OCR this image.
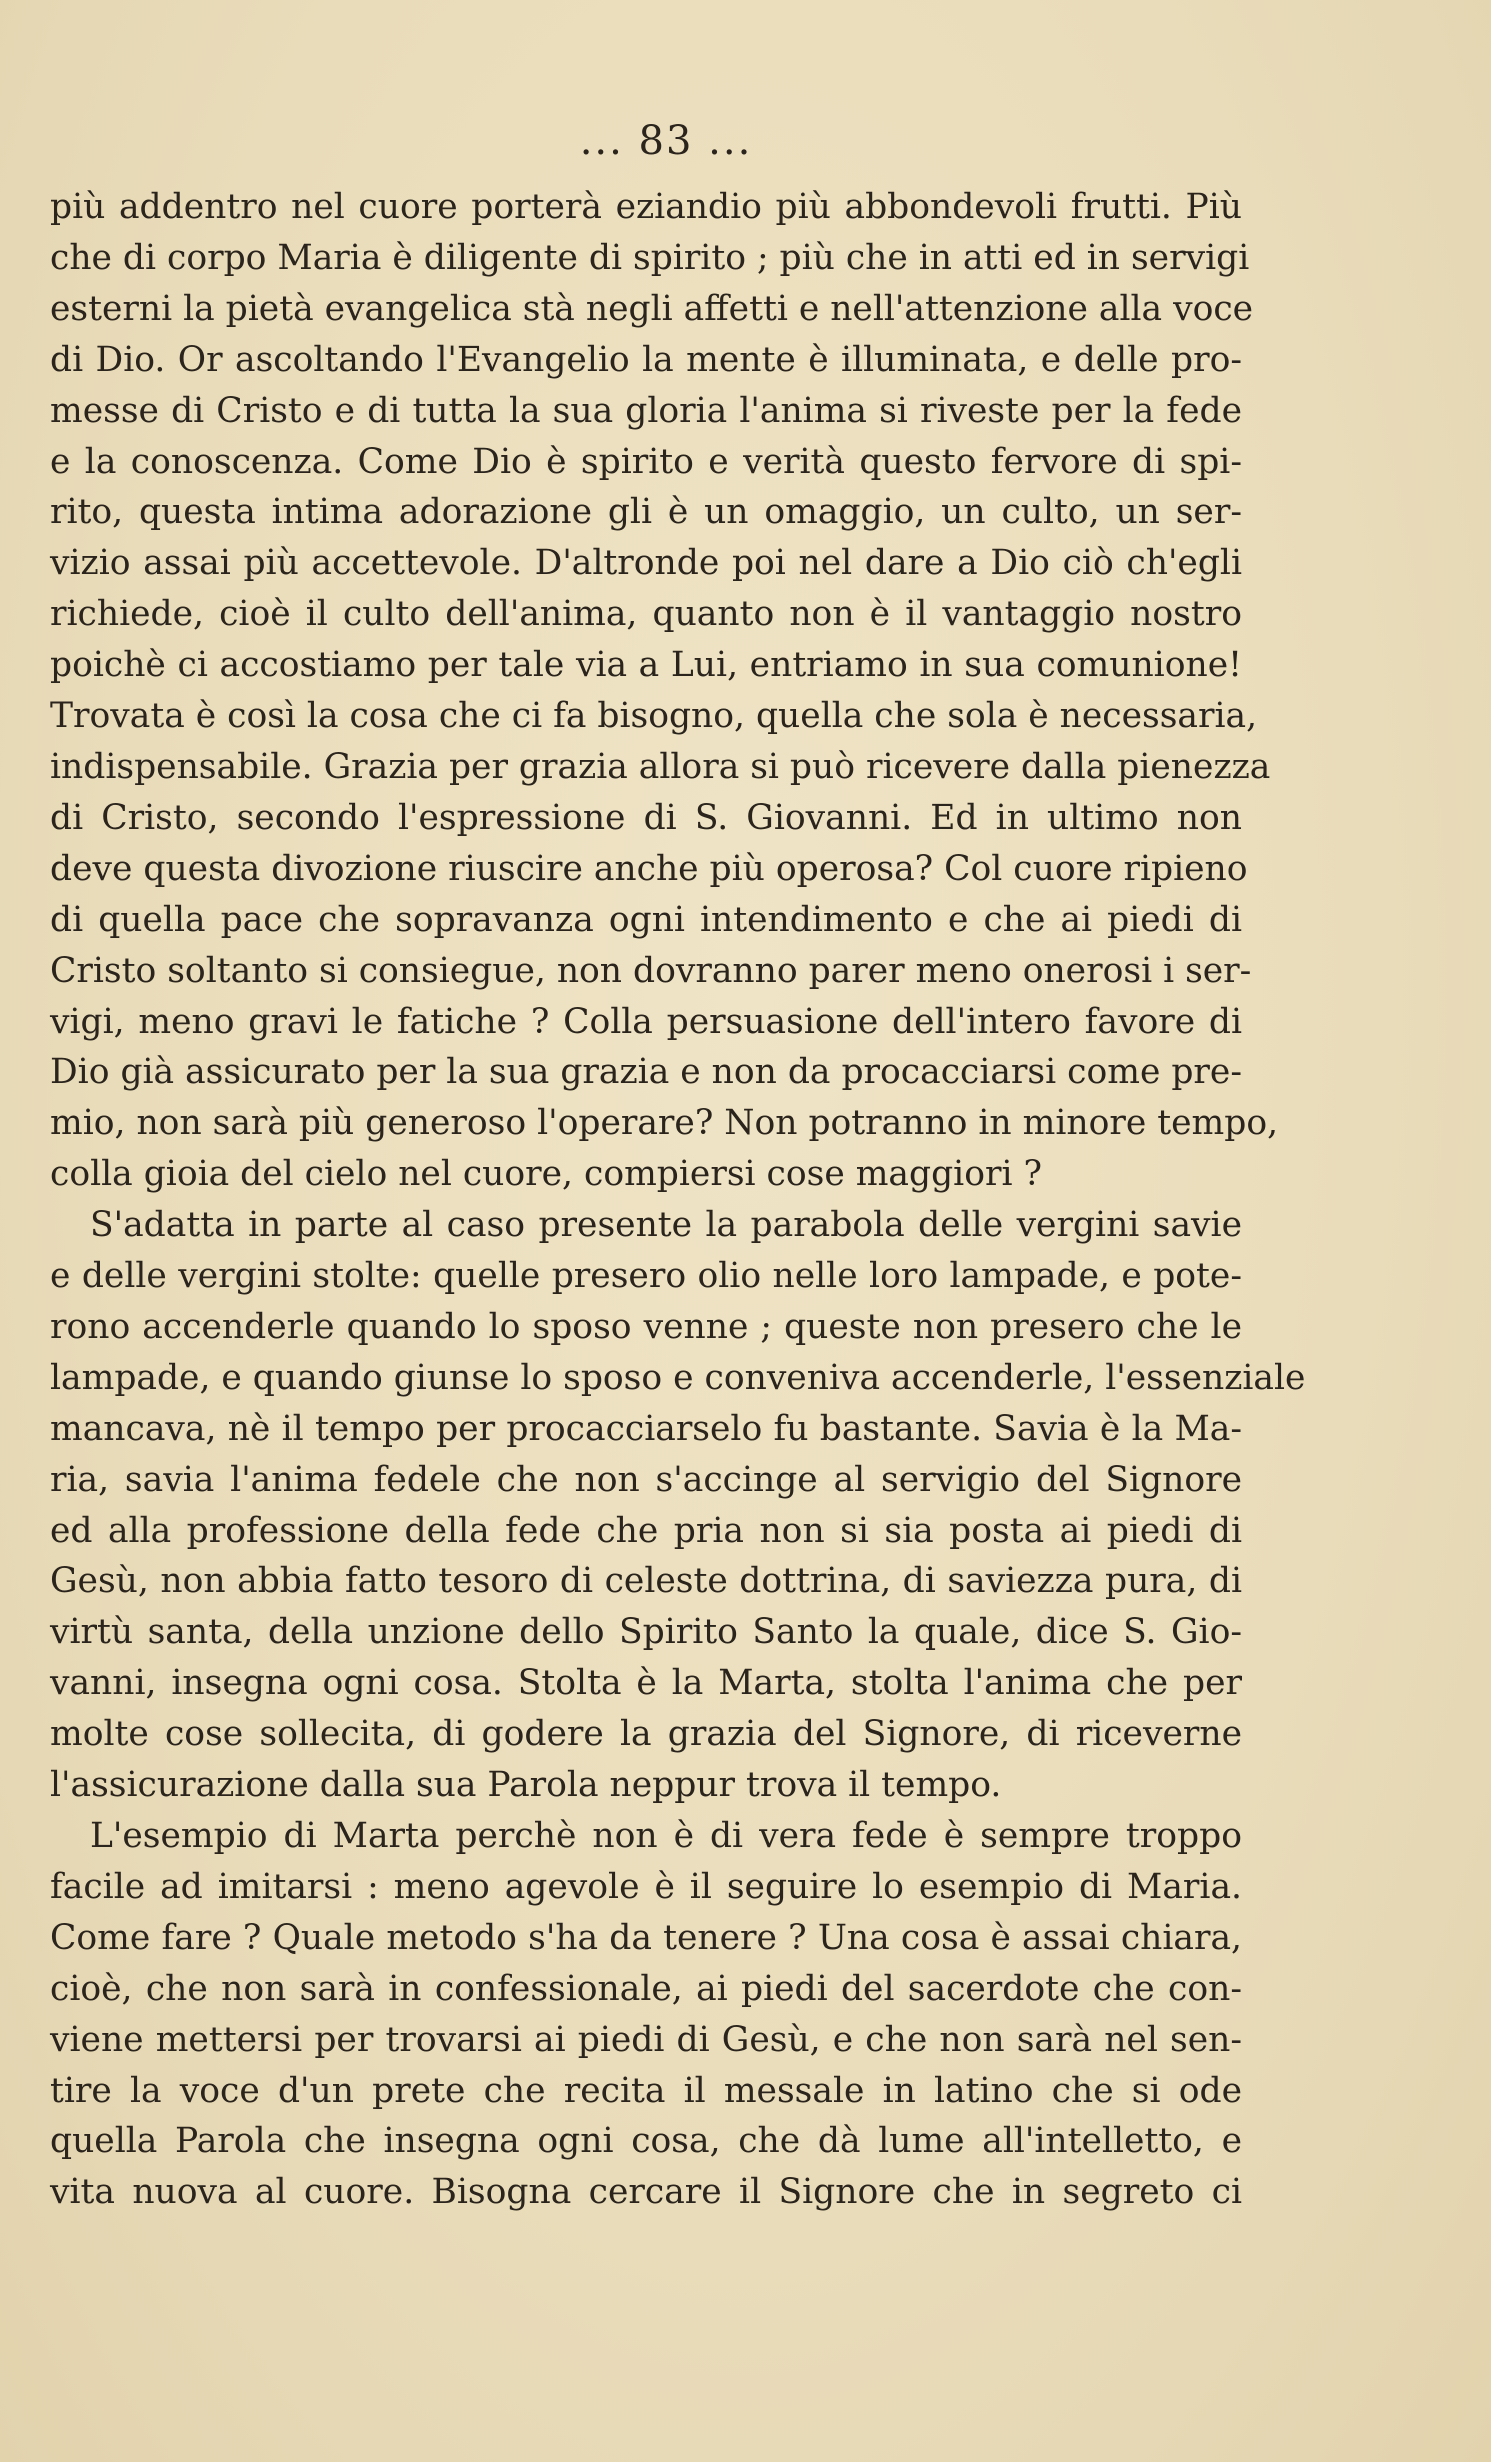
... 83 ...
più addentro nel cuore porterà eziandio più abbondevoli frutti. Più
che di corpo Maria è diligente di spirito ; più che in atti ed in servigi
esterni la pietà evangelica stà negli affetti e nell'attenzione alla voce
di Dio. Or ascoltando l'Evangelio la mente è illuminata, e delle pro-
messe di Cristo e di tutta la sua gloria l'anima si riveste per la fede
e la conoscenza. Come Dio è spirito e verità questo fervore di spi-
rito, questa intima adorazione gli è un omaggio, un culto, un ser-
vizio assai più accettevole. D'altronde poi nel dare a Dio ciò ch'egli
richiede, cioè il culto dell'anima, quanto non è il vantaggio nostro
poichè ci accostiamo per tale via a Lui, entriamo in sua comunione!
Trovata è così la cosa che ci fa bisogno, quella che sola è necessaria,
indispensabile. Grazia per grazia allora si può ricevere dalla pienezza
di Cristo, secondo l'espressione di S. Giovanni. Ed in ultimo non
deve questa divozione riuscire anche più operosa? Col cuore ripieno
di quella pace che sopravanza ogni intendimento e che ai piedi di
Cristo soltanto si consiegue, non dovranno parer meno onerosi i ser-
vigi, meno gravi le fatiche ? Colla persuasione dell'intero favore di
Dio già assicurato per la sua grazia e non da procacciarsi come pre-
mio, non sarà più generoso l'operare? Non potranno in minore tempo,
colla gioia del cielo nel cuore, compiersi cose maggiori ?
S'adatta in parte al caso presente la parabola delle vergini savie
e delle vergini stolte: quelle presero olio nelle loro lampade, e pote-
rono accenderle quando lo sposo venne ; queste non presero che le
lampade, e quando giunse lo sposo e conveniva accenderle, l'essenziale
mancava, nè il tempo per procacciarselo fu bastante. Savia è la Ma-
ria, savia l'anima fedele che non s'accinge al servigio del Signore
ed alla professione della fede che pria non si sia posta ai piedi di
Gesù, non abbia fatto tesoro di celeste dottrina, di saviezza pura, di
virtù santa, della unzione dello Spirito Santo la quale, dice S. Gio-
vanni, insegna ogni cosa. Stolta è la Marta, stolta l'anima che per
molte cose sollecita, di godere la grazia del Signore, di riceverne
l'assicurazione dalla sua Parola neppur trova il tempo.
L'esempio di Marta perchè non è di vera fede è sempre troppo
facile ad imitarsi : meno agevole è il seguire lo esempio di Maria.
Come fare ? Quale metodo s'ha da tenere ? Una cosa è assai chiara,
cioè, che non sarà in confessionale, ai piedi del sacerdote che con-
viene mettersi per trovarsi ai piedi di Gesù, e che non sarà nel sen-
tire la voce d'un prete che recita il messale in latino che si ode
quella Parola che insegna ogni cosa, che dà lume all'intelletto, e
vita nuova al cuore. Bisogna cercare il Signore che in segreto ci
